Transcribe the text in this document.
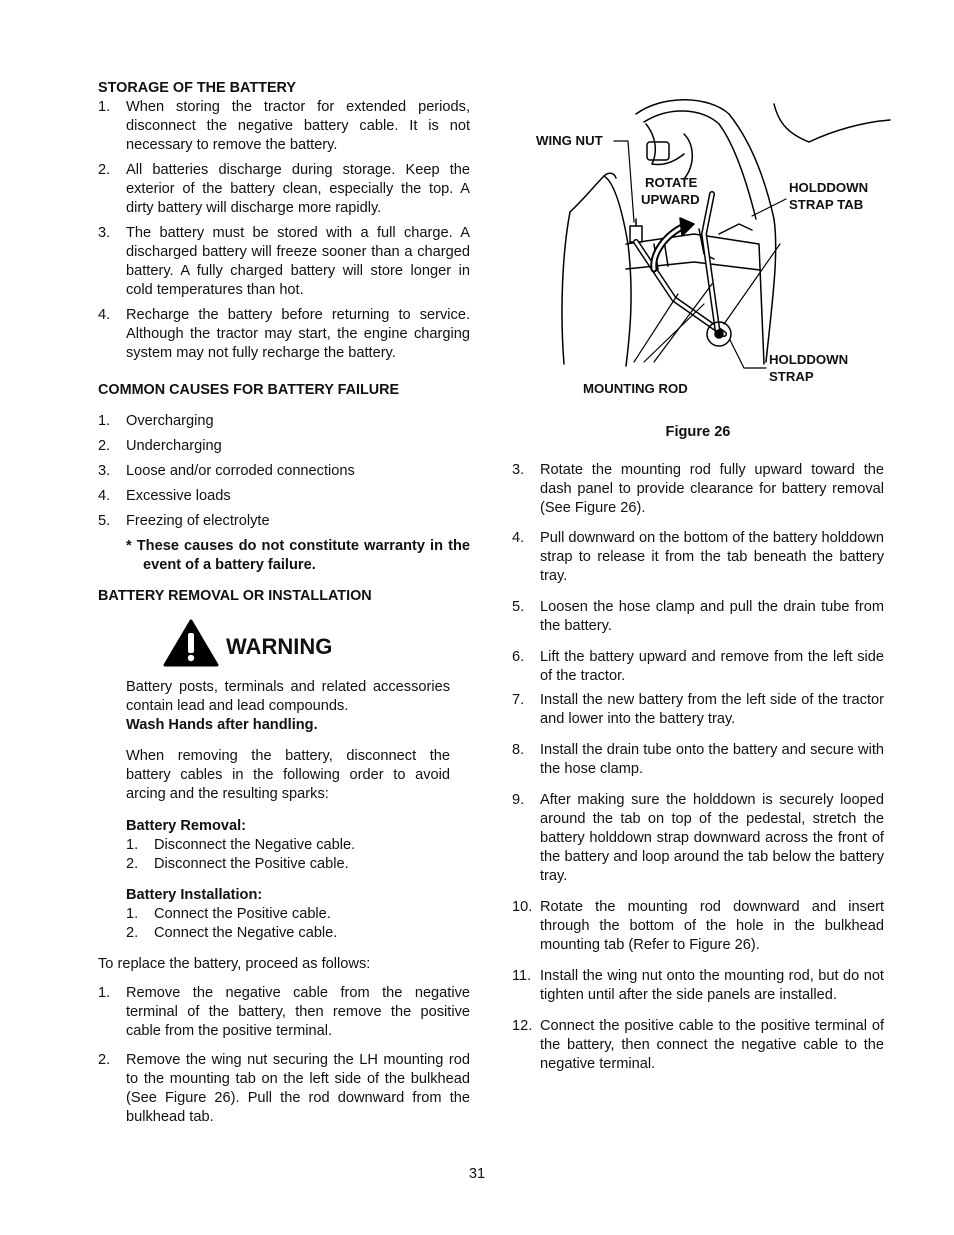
STORAGE OF THE BATTERY
1. When storing the tractor for extended periods, disconnect the negative battery cable. It is not necessary to remove the battery.
2. All batteries discharge during storage. Keep the exterior of the battery clean, especially the top. A dirty battery will discharge more rapidly.
3. The battery must be stored with a full charge. A discharged battery will freeze sooner than a charged battery. A fully charged battery will store longer in cold temperatures than hot.
4. Recharge the battery before returning to service. Although the tractor may start, the engine charging system may not fully recharge the battery.
COMMON CAUSES FOR BATTERY FAILURE
1. Overcharging
2. Undercharging
3. Loose and/or corroded connections
4. Excessive loads
5. Freezing of electrolyte
* These causes do not constitute warranty in the event of a battery failure.
BATTERY REMOVAL OR INSTALLATION
WARNING
Battery posts, terminals and related accessories contain lead and lead compounds.
Wash Hands after handling.
When removing the battery, disconnect the battery cables in the following order to avoid arcing and the resulting sparks:
Battery Removal:
1. Disconnect the Negative cable.
2. Disconnect the Positive cable.
Battery Installation:
1. Connect the Positive cable.
2. Connect the Negative cable.
To replace the battery, proceed as follows:
1. Remove the negative cable from the negative terminal of the battery, then remove the positive cable from the positive terminal.
2. Remove the wing nut securing the LH mounting rod to the mounting tab on the left side of the bulkhead (See Figure 26). Pull the rod downward from the bulkhead tab.
WING NUT
ROTATE
UPWARD
HOLDDOWN
STRAP TAB
HOLDDOWN
STRAP
MOUNTING ROD
Figure 26
3. Rotate the mounting rod fully upward toward the dash panel to provide clearance for battery removal (See Figure 26).
4. Pull downward on the bottom of the battery holddown strap to release it from the tab beneath the battery tray.
5. Loosen the hose clamp and pull the drain tube from the battery.
6. Lift the battery upward and remove from the left side of the tractor.
7. Install the new battery from the left side of the tractor and lower into the battery tray.
8. Install the drain tube onto the battery and secure with the hose clamp.
9. After making sure the holddown is securely looped around the tab on top of the pedestal, stretch the battery holddown strap downward across the front of the battery and loop around the tab below the battery tray.
10. Rotate the mounting rod downward and insert through the bottom of the hole in the bulkhead mounting tab (Refer to Figure 26).
11. Install the wing nut onto the mounting rod, but do not tighten until after the side panels are installed.
12. Connect the positive cable to the positive terminal of the battery, then connect the negative cable to the negative terminal.
31
